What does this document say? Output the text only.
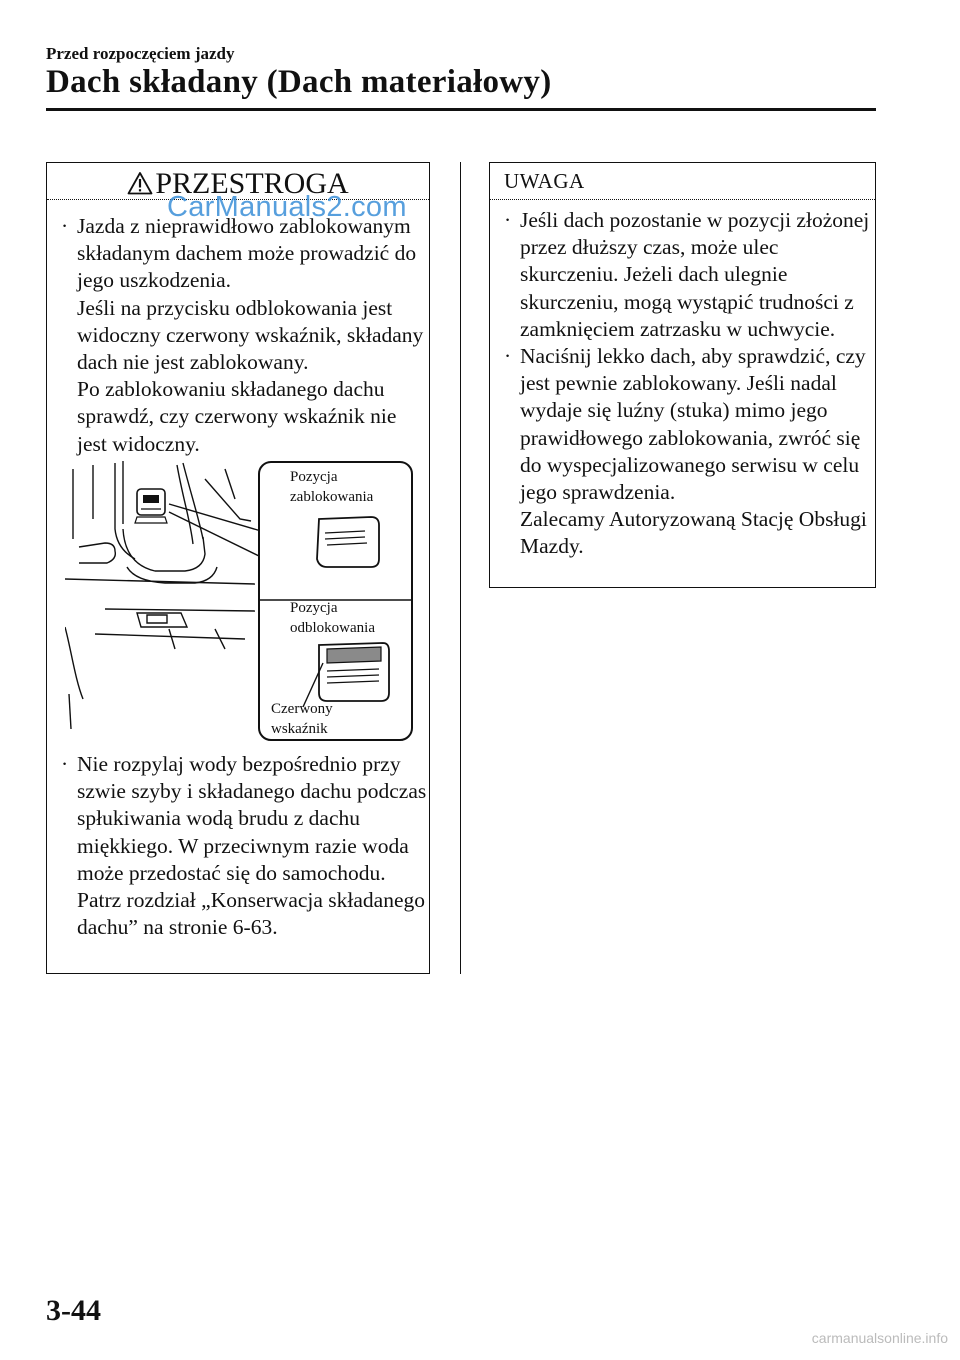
Przed rozpoczęciem jazdy
Dach składany (Dach materiałowy)
PRZESTROGA
CarManuals2.com
· Jazda z nieprawidłowo zablokowanym składanym dachem może prowadzić do jego uszkodzenia.
Jeśli na przycisku odblokowania jest widoczny czerwony wskaźnik, składany dach nie jest zablokowany.
Po zablokowaniu składanego dachu sprawdź, czy czerwony wskaźnik nie jest widoczny.
Pozycja
zablokowania
Pozycja
odblokowania
Czerwony
wskaźnik
· Nie rozpylaj wody bezpośrednio przy szwie szyby i składanego dachu podczas spłukiwania wodą brudu z dachu miękkiego. W przeciwnym razie woda może przedostać się do samochodu.
Patrz rozdział „Konserwacja składanego dachu” na stronie 6-63.
UWAGA
· Jeśli dach pozostanie w pozycji złożonej przez dłuższy czas, może ulec skurczeniu. Jeżeli dach ulegnie skurczeniu, mogą wystąpić trudności z zamknięciem zatrzasku w uchwycie.
· Naciśnij lekko dach, aby sprawdzić, czy jest pewnie zablokowany. Jeśli nadal wydaje się luźny (stuka) mimo jego prawidłowego zablokowania, zwróć się do wyspecjalizowanego serwisu w celu jego sprawdzenia.
Zalecamy Autoryzowaną Stację Obsługi Mazdy.
3-44
carmanualsonline.info
